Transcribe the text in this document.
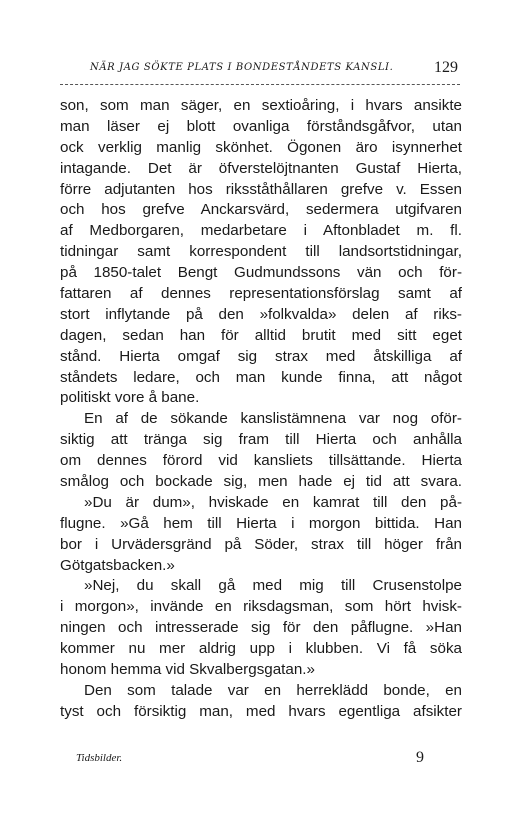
NÄR JAG SÖKTE PLATS I BONDESTÅNDETS KANSLI.	129
son, som man säger, en sextioåring, i hvars ansikte
man läser ej blott ovanliga förståndsgåfvor, utan
ock verklig manlig skönhet. Ögonen äro isynnerhet
intagande. Det är öfverstelöjtnanten Gustaf Hierta,
förre adjutanten hos riksståthållaren grefve v. Essen
och hos grefve Anckarsvärd, sedermera utgifvaren
af Medborgaren, medarbetare i Aftonbladet m. fl.
tidningar samt korrespondent till landsortstidningar,
på 1850-talet Bengt Gudmundssons vän och för-
fattaren af dennes representationsförslag samt af
stort inflytande på den »folkvalda» delen af riks-
dagen, sedan han för alltid brutit med sitt eget
stånd. Hierta omgaf sig strax med åtskilliga af
ståndets ledare, och man kunde finna, att något
politiskt vore å bane.
En af de sökande kanslistämnena var nog oför-
siktig att tränga sig fram till Hierta och anhålla
om dennes förord vid kansliets tillsättande. Hierta
smålog och bockade sig, men hade ej tid att svara.
»Du är dum», hviskade en kamrat till den på-
flugne. »Gå hem till Hierta i morgon bittida. Han
bor i Urvädersgränd på Söder, strax till höger från
Götgatsbacken.»
»Nej, du skall gå med mig till Crusenstolpe
i morgon», invände en riksdagsman, som hört hvisk-
ningen och intresserade sig för den påflugne. »Han
kommer nu mer aldrig upp i klubben. Vi få söka
honom hemma vid Skvalbergsgatan.»
Den som talade var en herreklädd bonde, en
tyst och försiktig man, med hvars egentliga afsikter
Tidsbilder.	9
